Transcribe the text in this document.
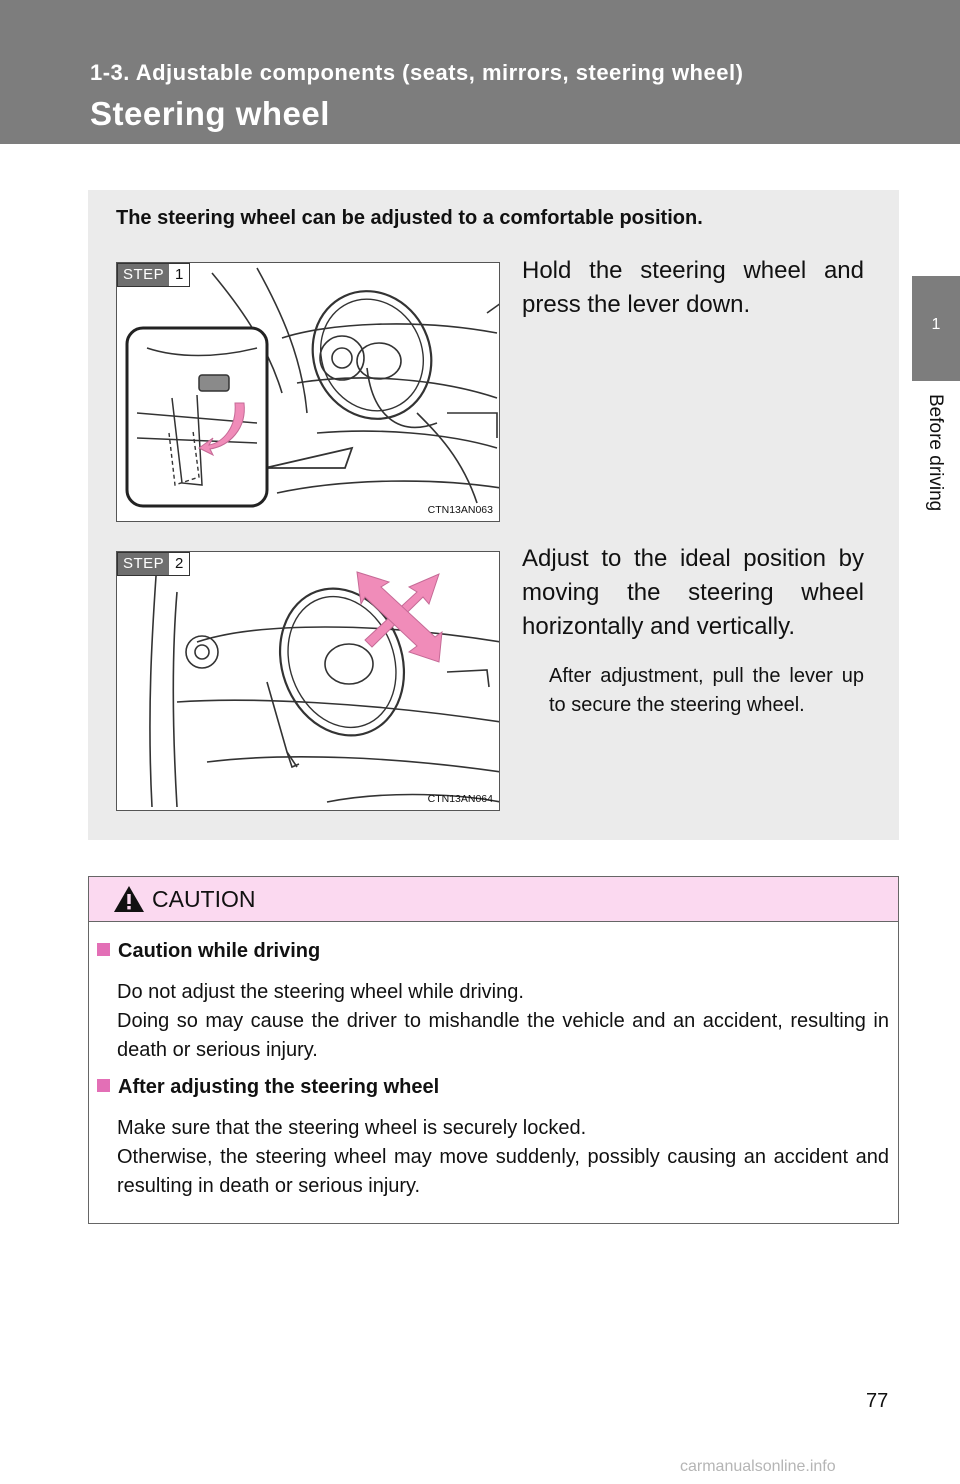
1-3. Adjustable components (seats, mirrors, steering wheel)
Steering wheel
1
Before driving
The steering wheel can be adjusted to a comfortable position.
STEP 1
CTN13AN063
Hold the steering wheel and press the lever down.
STEP 2
CTN13AN064
Adjust to the ideal position by moving the steering wheel horizontally and vertically.
After adjustment, pull the lever up to secure the steering wheel.
CAUTION
Caution while driving
Do not adjust the steering wheel while driving.
Doing so may cause the driver to mishandle the vehicle and an accident, resulting in death or serious injury.
After adjusting the steering wheel
Make sure that the steering wheel is securely locked.
Otherwise, the steering wheel may move suddenly, possibly causing an accident and resulting in death or serious injury.
77
carmanualsonline.info
